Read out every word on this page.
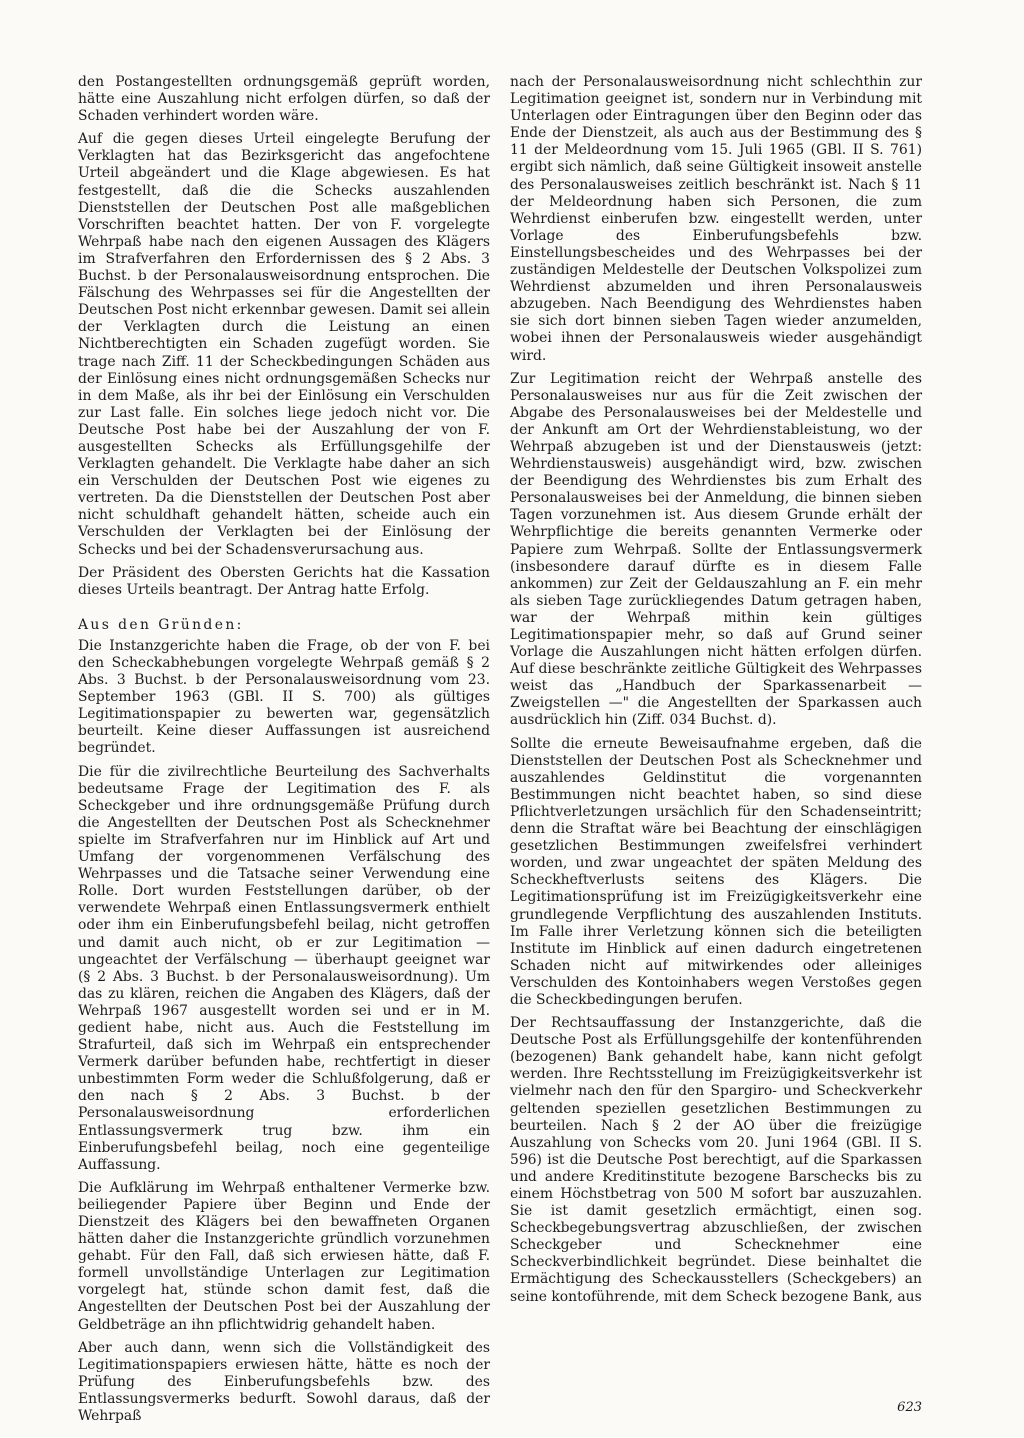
den Postangestellten ordnungsgemäß geprüft worden, hätte eine Auszahlung nicht erfolgen dürfen, so daß der Schaden verhindert worden wäre.

Auf die gegen dieses Urteil eingelegte Berufung der Verklagten hat das Bezirksgericht das angefochtene Urteil abgeändert und die Klage abgewiesen. Es hat festgestellt, daß die die Schecks auszahlenden Dienststellen der Deutschen Post alle maßgeblichen Vorschriften beachtet hatten. Der von F. vorgelegte Wehrpaß habe nach den eigenen Aussagen des Klägers im Strafverfahren den Erfordernissen des § 2 Abs. 3 Buchst. b der Personalausweisordnung entsprochen. Die Fälschung des Wehrpasses sei für die Angestellten der Deutschen Post nicht erkennbar gewesen. Damit sei allein der Verklagten durch die Leistung an einen Nichtberechtigten ein Schaden zugefügt worden. Sie trage nach Ziff. 11 der Scheckbedingungen Schäden aus der Einlösung eines nicht ordnungsgemäßen Schecks nur in dem Maße, als ihr bei der Einlösung ein Verschulden zur Last falle. Ein solches liege jedoch nicht vor. Die Deutsche Post habe bei der Auszahlung der von F. ausgestellten Schecks als Erfüllungsgehilfe der Verklagten gehandelt. Die Verklagte habe daher an sich ein Verschulden der Deutschen Post wie eigenes zu vertreten. Da die Dienststellen der Deutschen Post aber nicht schuldhaft gehandelt hätten, scheide auch ein Verschulden der Verklagten bei der Einlösung der Schecks und bei der Schadensverursachung aus.

Der Präsident des Obersten Gerichts hat die Kassation dieses Urteils beantragt. Der Antrag hatte Erfolg.

Aus den Gründen:

Die Instanzgerichte haben die Frage, ob der von F. bei den Scheckabhebungen vorgelegte Wehrpaß gemäß § 2 Abs. 3 Buchst. b der Personalausweisordnung vom 23. September 1963 (GBl. II S. 700) als gültiges Legitimationspapier zu bewerten war, gegensätzlich beurteilt. Keine dieser Auffassungen ist ausreichend begründet.

Die für die zivilrechtliche Beurteilung des Sachverhalts bedeutsame Frage der Legitimation des F. als Scheckgeber und ihre ordnungsgemäße Prüfung durch die Angestellten der Deutschen Post als Schecknehmer spielte im Strafverfahren nur im Hinblick auf Art und Umfang der vorgenommenen Verfälschung des Wehrpasses und die Tatsache seiner Verwendung eine Rolle. Dort wurden Feststellungen darüber, ob der verwendete Wehrpaß einen Entlassungsvermerk enthielt oder ihm ein Einberufungsbefehl beilag, nicht getroffen und damit auch nicht, ob er zur Legitimation — ungeachtet der Verfälschung — überhaupt geeignet war (§ 2 Abs. 3 Buchst. b der Personalausweisordnung). Um das zu klären, reichen die Angaben des Klägers, daß der Wehrpaß 1967 ausgestellt worden sei und er in M. gedient habe, nicht aus. Auch die Feststellung im Strafurteil, daß sich im Wehrpaß ein entsprechender Vermerk darüber befunden habe, rechtfertigt in dieser unbestimmten Form weder die Schlußfolgerung, daß er den nach § 2 Abs. 3 Buchst. b der Personalausweisordnung erforderlichen Entlassungsvermerk trug bzw. ihm ein Einberufungsbefehl beilag, noch eine gegenteilige Auffassung.

Die Aufklärung im Wehrpaß enthaltener Vermerke bzw. beiliegender Papiere über Beginn und Ende der Dienstzeit des Klägers bei den bewaffneten Organen hätten daher die Instanzgerichte gründlich vorzunehmen gehabt. Für den Fall, daß sich erwiesen hätte, daß F. formell unvollständige Unterlagen zur Legitimation vorgelegt hat, stünde schon damit fest, daß die Angestellten der Deutschen Post bei der Auszahlung der Geldbeträge an ihn pflichtwidrig gehandelt haben.

Aber auch dann, wenn sich die Vollständigkeit des Legitimationspapiers erwiesen hätte, hätte es noch der Prüfung des Einberufungsbefehls bzw. des Entlassungsvermerks bedurft. Sowohl daraus, daß der Wehrpaß

nach der Personalausweisordnung nicht schlechthin zur Legitimation geeignet ist, sondern nur in Verbindung mit Unterlagen oder Eintragungen über den Beginn oder das Ende der Dienstzeit, als auch aus der Bestimmung des § 11 der Meldeordnung vom 15. Juli 1965 (GBl. II S. 761) ergibt sich nämlich, daß seine Gültigkeit insoweit anstelle des Personalausweises zeitlich beschränkt ist. Nach § 11 der Meldeordnung haben sich Personen, die zum Wehrdienst einberufen bzw. eingestellt werden, unter Vorlage des Einberufungsbefehls bzw. Einstellungsbescheides und des Wehrpasses bei der zuständigen Meldestelle der Deutschen Volkspolizei zum Wehrdienst abzumelden und ihren Personalausweis abzugeben. Nach Beendigung des Wehrdienstes haben sie sich dort binnen sieben Tagen wieder anzumelden, wobei ihnen der Personalausweis wieder ausgehändigt wird.

Zur Legitimation reicht der Wehrpaß anstelle des Personalausweises nur aus für die Zeit zwischen der Abgabe des Personalausweises bei der Meldestelle und der Ankunft am Ort der Wehrdienstableistung, wo der Wehrpaß abzugeben ist und der Dienstausweis (jetzt: Wehrdienstausweis) ausgehändigt wird, bzw. zwischen der Beendigung des Wehrdienstes bis zum Erhalt des Personalausweises bei der Anmeldung, die binnen sieben Tagen vorzunehmen ist. Aus diesem Grunde erhält der Wehrpflichtige die bereits genannten Vermerke oder Papiere zum Wehrpaß. Sollte der Entlassungsvermerk (insbesondere darauf dürfte es in diesem Falle ankommen) zur Zeit der Geldauszahlung an F. ein mehr als sieben Tage zurückliegendes Datum getragen haben, war der Wehrpaß mithin kein gültiges Legitimationspapier mehr, so daß auf Grund seiner Vorlage die Auszahlungen nicht hätten erfolgen dürfen. Auf diese beschränkte zeitliche Gültigkeit des Wehrpasses weist das „Handbuch der Sparkassenarbeit — Zweigstellen —" die Angestellten der Sparkassen auch ausdrücklich hin (Ziff. 034 Buchst. d).

Sollte die erneute Beweisaufnahme ergeben, daß die Dienststellen der Deutschen Post als Schecknehmer und auszahlendes Geldinstitut die vorgenannten Bestimmungen nicht beachtet haben, so sind diese Pflichtverletzungen ursächlich für den Schadenseintritt; denn die Straftat wäre bei Beachtung der einschlägigen gesetzlichen Bestimmungen zweifelsfrei verhindert worden, und zwar ungeachtet der späten Meldung des Scheckheftverlusts seitens des Klägers. Die Legitimationsprüfung ist im Freizügigkeitsverkehr eine grundlegende Verpflichtung des auszahlenden Instituts. Im Falle ihrer Verletzung können sich die beteiligten Institute im Hinblick auf einen dadurch eingetretenen Schaden nicht auf mitwirkendes oder alleiniges Verschulden des Kontoinhabers wegen Verstoßes gegen die Scheckbedingungen berufen.

Der Rechtsauffassung der Instanzgerichte, daß die Deutsche Post als Erfüllungsgehilfe der kontenführenden (bezogenen) Bank gehandelt habe, kann nicht gefolgt werden. Ihre Rechtsstellung im Freizügigkeitsverkehr ist vielmehr nach den für den Spargiro- und Scheckverkehr geltenden speziellen gesetzlichen Bestimmungen zu beurteilen. Nach § 2 der AO über die freizügige Auszahlung von Schecks vom 20. Juni 1964 (GBl. II S. 596) ist die Deutsche Post berechtigt, auf die Sparkassen und andere Kreditinstitute bezogene Barschecks bis zu einem Höchstbetrag von 500 M sofort bar auszuzahlen. Sie ist damit gesetzlich ermächtigt, einen sog. Scheckbegebungsvertrag abzuschließen, der zwischen Scheckgeber und Schecknehmer eine Scheckverbindlichkeit begründet. Diese beinhaltet die Ermächtigung des Scheckausstellers (Scheckgebers) an seine kontoführende, mit dem Scheck bezogene Bank, aus

623
